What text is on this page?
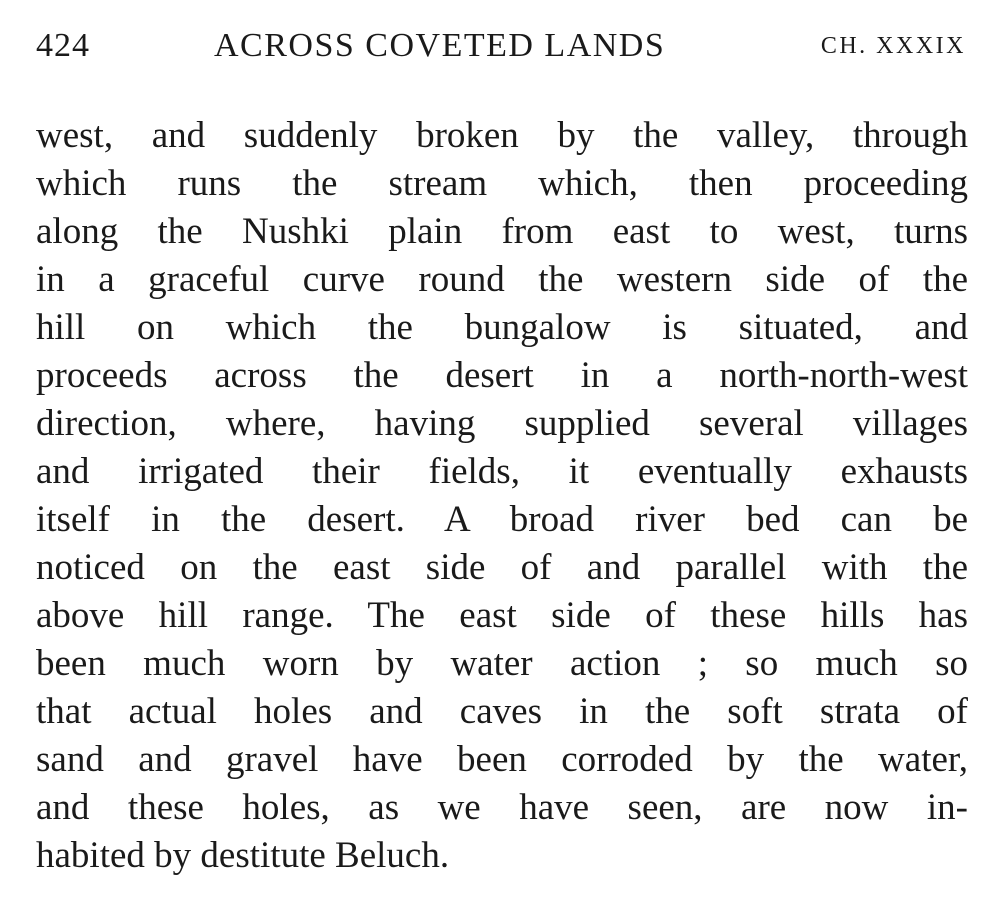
424	ACROSS COVETED LANDS	CH. XXXIX
west, and suddenly broken by the valley, through
which runs the stream which, then proceeding
along the Nushki plain from east to west, turns
in a graceful curve round the western side of the
hill on which the bungalow is situated, and
proceeds across the desert in a north-north-west
direction, where, having supplied several villages
and irrigated their fields, it eventually exhausts
itself in the desert. A broad river bed can be
noticed on the east side of and parallel with the
above hill range. The east side of these hills has
been much worn by water action ; so much so
that actual holes and caves in the soft strata of
sand and gravel have been corroded by the water,
and these holes, as we have seen, are now in-
habited by destitute Beluch.
